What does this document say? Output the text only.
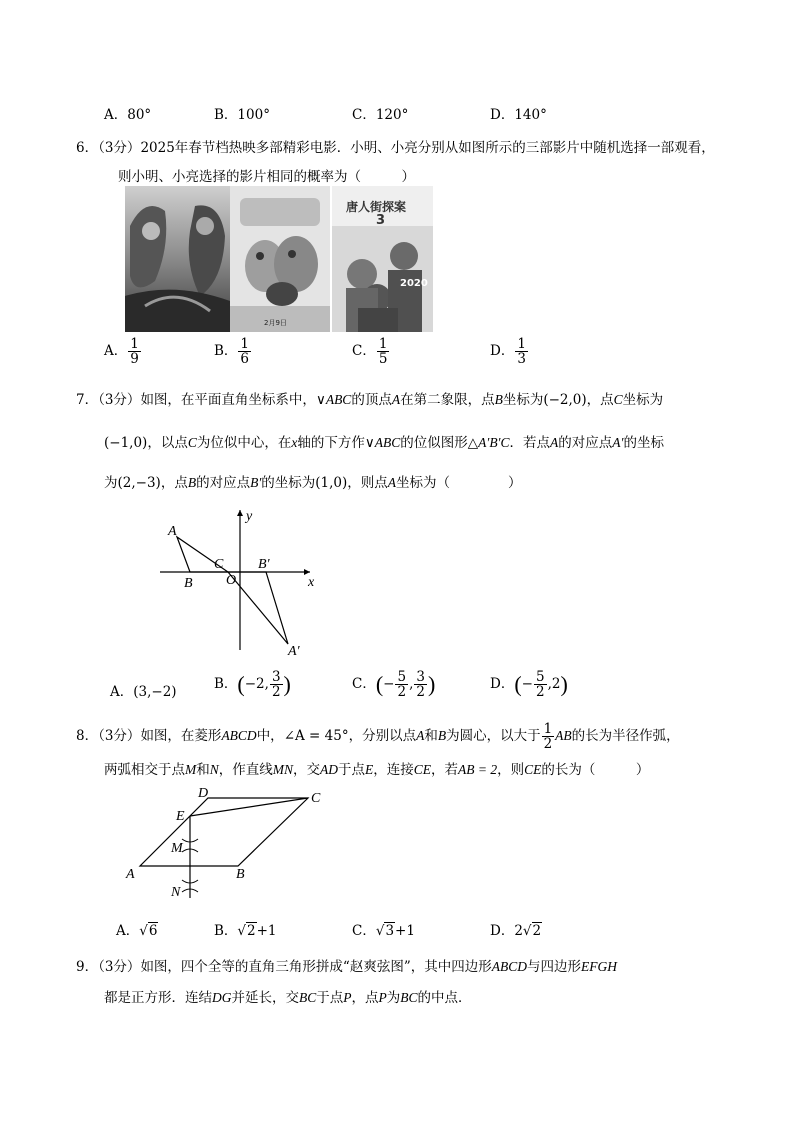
A．80°	B．100°	C．120°	D．140°
6．（3分）2025年春节档热映多部精彩电影．小明、小亮分别从如图所示的三部影片中随机选择一部观看，
则小明、小亮选择的影片相同的概率为（　　　）
2月9日
唐人街探案
3
2020
A． $\frac{1}{9}$	B． $\frac{1}{6}$	C． $\frac{1}{5}$	D． $\frac{1}{3}$
7．（3分）如图，在平面直角坐标系中，∨ABC的顶点A在第二象限，点B坐标为(−2,0)，点C坐标为
(−1,0)，以点C为位似中心，在x轴的下方作∨ABC的位似图形△A′B′C．若点A的对应点A′的坐标
为(2,−3)，点B的对应点B′的坐标为(1,0)，则点A坐标为（	）
A
B
C
O
B′
A′
x
y
A．(3,−2)	B．(−2, $\frac{3}{2}$ )	C．(− $\frac{5}{2}$ , $\frac{3}{2}$ )	D．(− $\frac{5}{2} ,2$)
8．（3分）如图，在菱形ABCD中，∠A = 45°，分别以点A和B为圆心，以大于 $\frac{1}{2}$ AB的长为半径作弧，
两弧相交于点M和N，作直线MN，交AD于点E，连接CE，若AB = 2，则CE的长为（　　　）
D	C
E
M
A	B
N
A．√6	B．√2+1	C．√3+1	D．2√2
9．（3分）如图，四个全等的直角三角形拼成“赵爽弦图”，其中四边形ABCD与四边形EFGH
都是正方形．连结DG并延长，交BC于点P，点P为BC的中点．
